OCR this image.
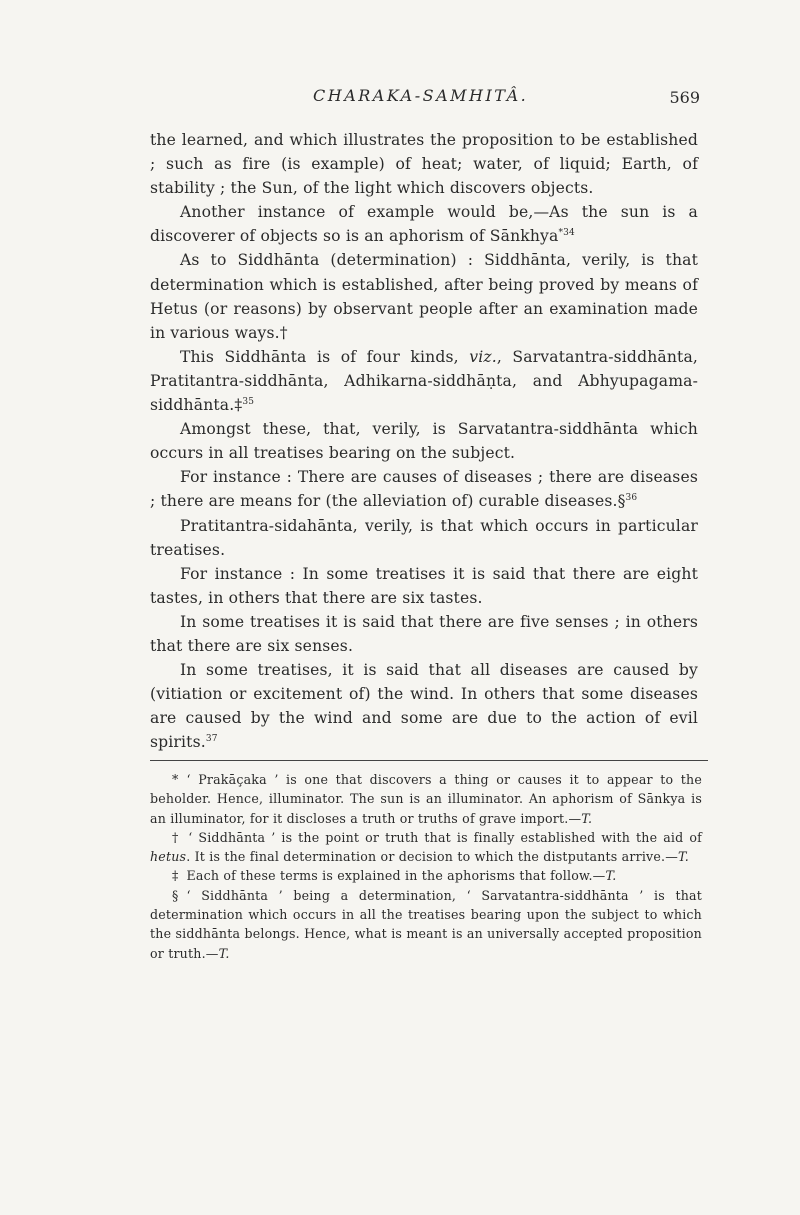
CHARAKA-SAMHITÂ.	569

the learned, and which illustrates the proposition to be established ; such as fire (is example) of heat; water, of liquid; Earth, of stability ; the Sun, of the light which discovers objects.

Another instance of example would be,—As the sun is a discoverer of objects so is an aphorism of Sānkhya$^{*34}$

As to Siddhānta (determination) : Siddhānta, verily, is that determination which is established, after being proved by means of Hetus (or reasons) by observant people after an examination made in various ways.†

This Siddhānta is of four kinds, viz., Sarvatantra-siddhānta, Pratitantra-siddhānta, Adhikarna-siddhāṇta, and Abhyupagama-siddhānta.‡$^{35}$

Amongst these, that, verily, is Sarvatantra-siddhānta which occurs in all treatises bearing on the subject.

For instance : There are causes of diseases ; there are diseases ; there are means for (the alleviation of) curable diseases.§$^{36}$

Pratitantra-sidahānta, verily, is that which occurs in particular treatises.

For instance : In some treatises it is said that there are eight tastes, in others that there are six tastes.

In some treatises it is said that there are five senses ; in others that there are six senses.

In some treatises, it is said that all diseases are caused by (vitiation or excitement of) the wind. In others that some diseases are caused by the wind and some are due to the action of evil spirits.$^{37}$

* ‘ Prakāçaka ’ is one that discovers a thing or causes it to appear to the beholder. Hence, illuminator. The sun is an illuminator. An aphorism of Sānkya is an illuminator, for it discloses a truth or truths of grave import.—T.

† ‘ Siddhānta ’ is the point or truth that is finally established with the aid of hetus. It is the final determination or decision to which the distputants arrive.—T.

‡ Each of these terms is explained in the aphorisms that follow.—T.

§ ‘ Siddhānta ’ being a determination, ‘ Sarvatantra-siddhānta ’ is that determination which occurs in all the treatises bearing upon the subject to which the siddhānta belongs. Hence, what is meant is an universally accepted proposition or truth.—T.
